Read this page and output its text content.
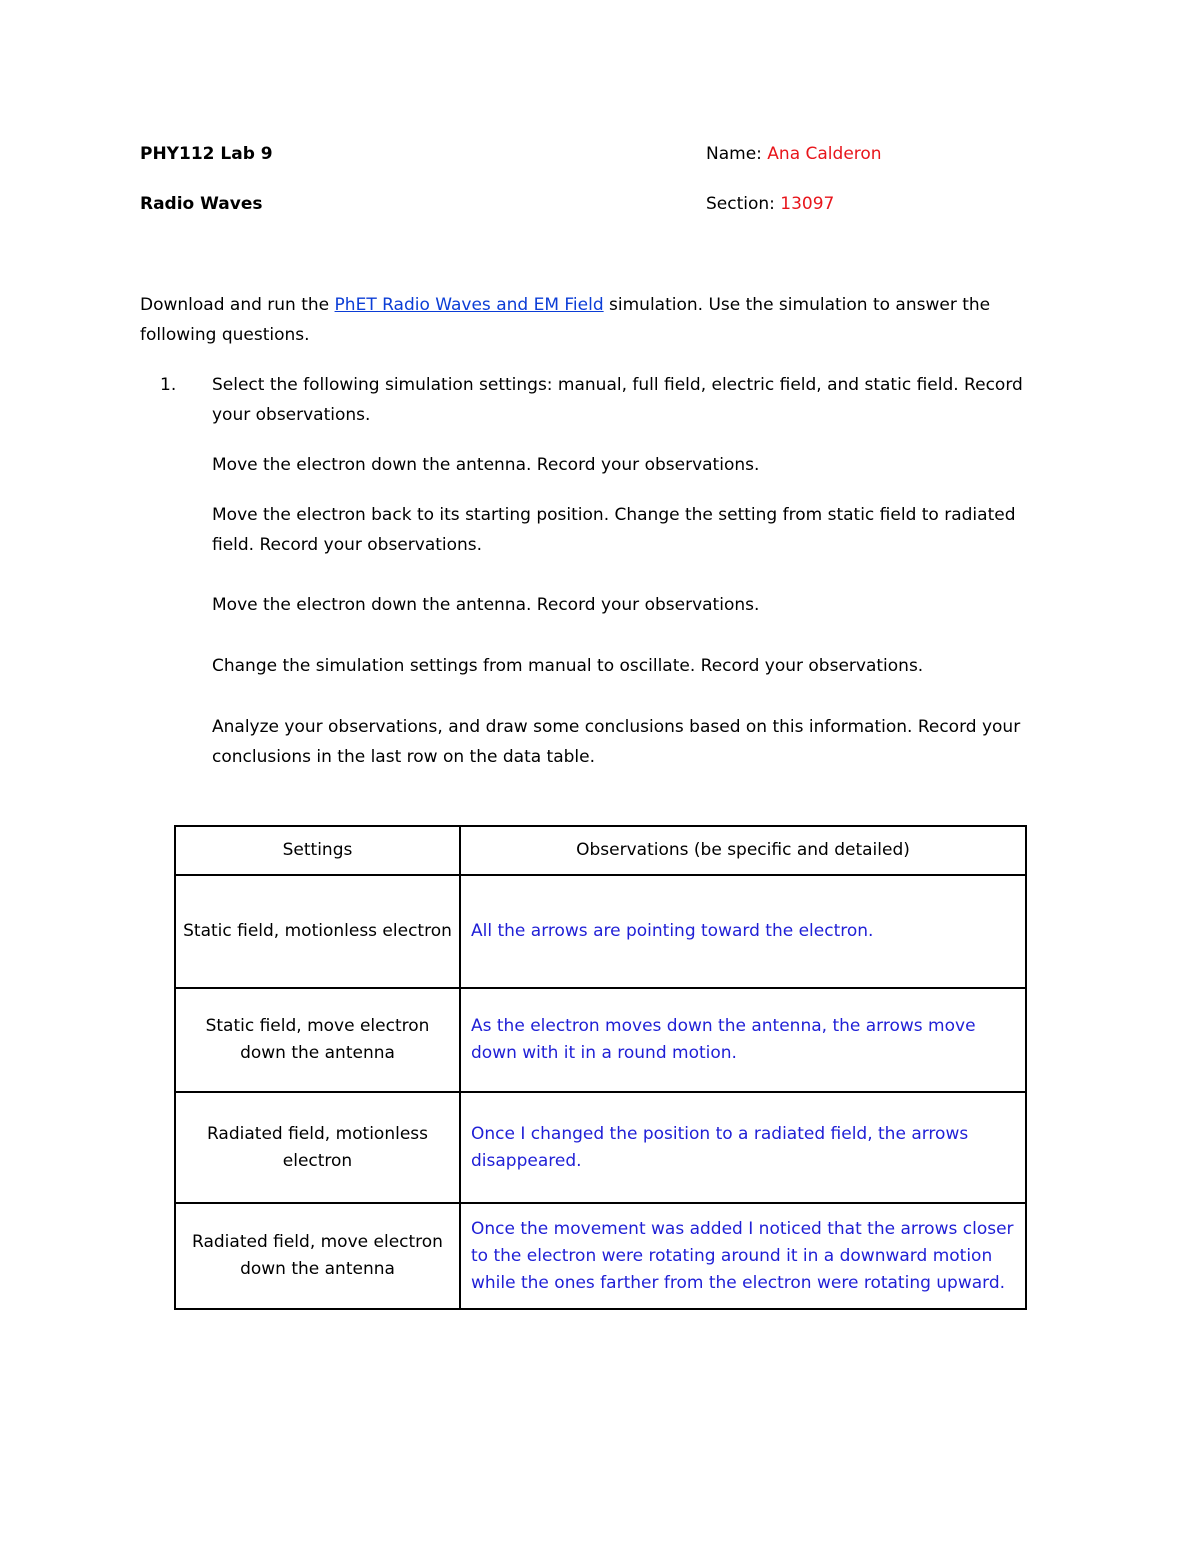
PHY112 Lab 9
Radio Waves
Name: Ana Calderon
Section: 13097
Download and run the PhET Radio Waves and EM Field simulation. Use the simulation to answer the following questions.
1. Select the following simulation settings: manual, full field, electric field, and static field. Record your observations.
Move the electron down the antenna. Record your observations.
Move the electron back to its starting position. Change the setting from static field to radiated field. Record your observations.
Move the electron down the antenna. Record your observations.
Change the simulation settings from manual to oscillate. Record your observations.
Analyze your observations, and draw some conclusions based on this information. Record your conclusions in the last row on the data table.
Settings	Observations (be specific and detailed)
Static field, motionless electron	All the arrows are pointing toward the electron.
Static field, move electron down the antenna	As the electron moves down the antenna, the arrows move down with it in a round motion.
Radiated field, motionless electron	Once I changed the position to a radiated field, the arrows disappeared.
Radiated field, move electron down the antenna	Once the movement was added I noticed that the arrows closer to the electron were rotating around it in a downward motion while the ones farther from the electron were rotating upward.
